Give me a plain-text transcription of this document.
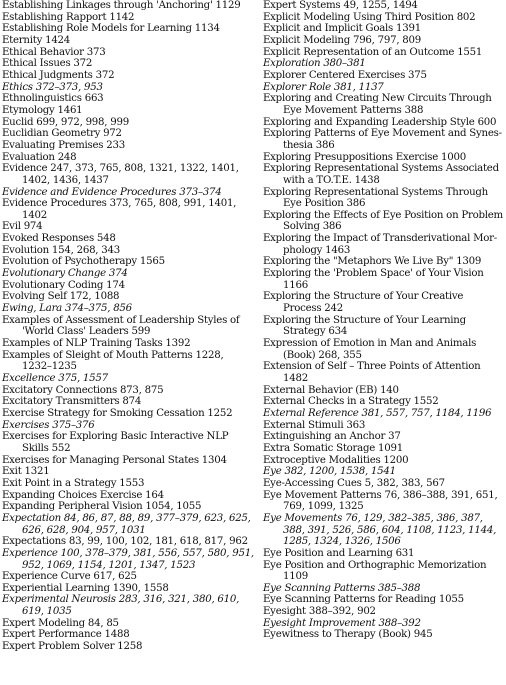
Establishing Linkages through 'Anchoring' 1129
Establishing Rapport 1142
Establishing Role Models for Learning 1134
Eternity 1424
Ethical Behavior 373
Ethical Issues 372
Ethical Judgments 372
Ethics 372–373, 953
Ethnolinguistics 663
Etymology 1461
Euclid 699, 972, 998, 999
Euclidian Geometry 972
Evaluating Premises 233
Evaluation 248
Evidence 247, 373, 765, 808, 1321, 1322, 1401, 1402, 1436, 1437
Evidence and Evidence Procedures 373–374
Evidence Procedures 373, 765, 808, 991, 1401, 1402
Evil 974
Evoked Responses 548
Evolution 154, 268, 343
Evolution of Psychotherapy 1565
Evolutionary Change 374
Evolutionary Coding 174
Evolving Self 172, 1088
Ewing, Lara 374–375, 856
Examples of Assessment of Leadership Styles of 'World Class' Leaders 599
Examples of NLP Training Tasks 1392
Examples of Sleight of Mouth Patterns 1228, 1232–1235
Excellence 375, 1557
Excitatory Connections 873, 875
Excitatory Transmitters 874
Exercise Strategy for Smoking Cessation 1252
Exercises 375–376
Exercises for Exploring Basic Interactive NLP Skills 552
Exercises for Managing Personal States 1304
Exit 1321
Exit Point in a Strategy 1553
Expanding Choices Exercise 164
Expanding Peripheral Vision 1054, 1055
Expectation 84, 86, 87, 88, 89, 377–379, 623, 625, 626, 628, 904, 957, 1031
Expectations 83, 99, 100, 102, 181, 618, 817, 962
Experience 100, 378–379, 381, 556, 557, 580, 951, 952, 1069, 1154, 1201, 1347, 1523
Experience Curve 617, 625
Experiential Learning 1390, 1558
Experimental Neurosis 283, 316, 321, 380, 610, 619, 1035
Expert Modeling 84, 85
Expert Performance 1488
Expert Problem Solver 1258
Expert Systems 49, 1255, 1494
Explicit Modeling Using Third Position 802
Explicit and Implicit Goals 1391
Explicit Modeling 796, 797, 809
Explicit Representation of an Outcome 1551
Exploration 380–381
Explorer Centered Exercises 375
Explorer Role 381, 1137
Exploring and Creating New Circuits Through Eye Movement Patterns 388
Exploring and Expanding Leadership Style 600
Exploring Patterns of Eye Movement and Synes-thesia 386
Exploring Presuppositions Exercise 1000
Exploring Representational Systems Associated with a TO.T.E. 1438
Exploring Representational Systems Through Eye Position 386
Exploring the Effects of Eye Position on Problem Solving 386
Exploring the Impact of Transderivational Mor-phology 1463
Exploring the "Metaphors We Live By" 1309
Exploring the 'Problem Space' of Your Vision 1166
Exploring the Structure of Your Creative Process 242
Exploring the Structure of Your Learning Strategy 634
Expression of Emotion in Man and Animals (Book) 268, 355
Extension of Self – Three Points of Attention 1482
External Behavior (EB) 140
External Checks in a Strategy 1552
External Reference 381, 557, 757, 1184, 1196
External Stimuli 363
Extinguishing an Anchor 37
Extra Somatic Storage 1091
Extroceptive Modalities 1200
Eye 382, 1200, 1538, 1541
Eye-Accessing Cues 5, 382, 383, 567
Eye Movement Patterns 76, 386–388, 391, 651, 769, 1099, 1325
Eye Movements 76, 129, 382–385, 386, 387, 388, 391, 526, 586, 604, 1108, 1123, 1144, 1285, 1324, 1326, 1506
Eye Position and Learning 631
Eye Position and Orthographic Memorization 1109
Eye Scanning Patterns 385–388
Eye Scanning Patterns for Reading 1055
Eyesight 388–392, 902
Eyesight Improvement 388–392
Eyewitness to Therapy (Book) 945
